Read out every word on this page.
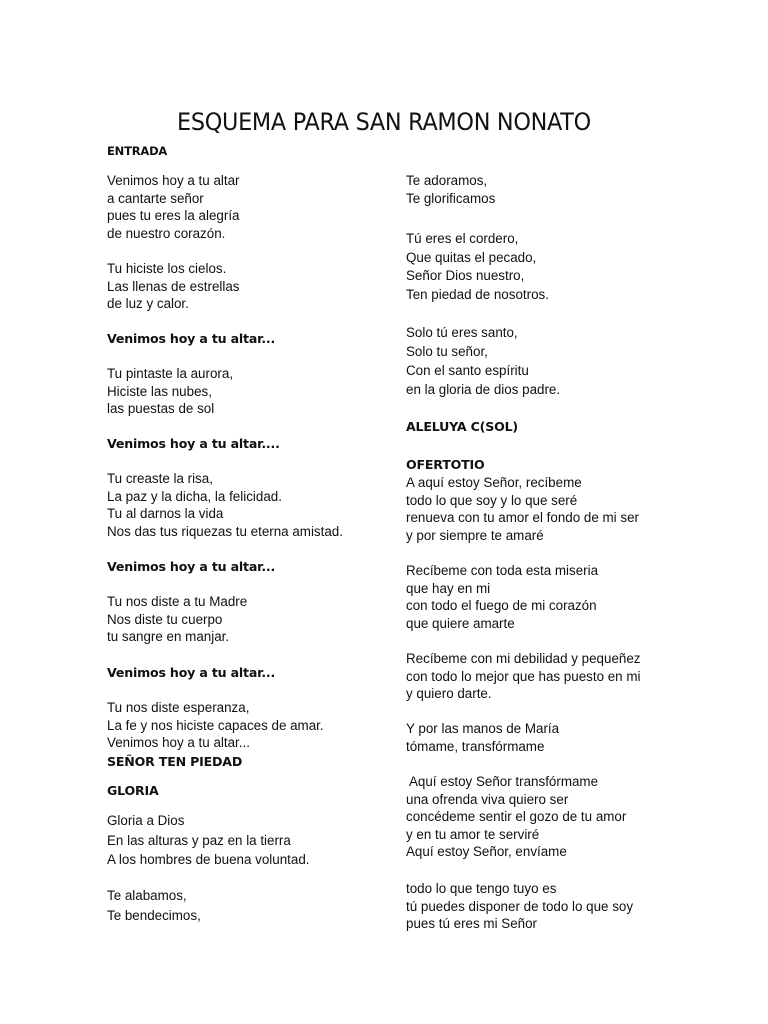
ESQUEMA PARA SAN RAMON NONATO
ENTRADA
Venimos hoy a tu altar
a cantarte señor
pues tu eres la alegría
de nuestro corazón.
Tu hiciste los cielos.
Las llenas de estrellas
de luz y calor.
Venimos hoy a tu altar...
Tu pintaste la aurora,
Hiciste las nubes,
las puestas de sol
Venimos hoy a tu altar....
Tu creaste la risa,
La paz y la dicha, la felicidad.
Tu al darnos la vida
Nos das tus riquezas tu eterna amistad.
Venimos hoy a tu altar...
Tu nos diste a tu Madre
Nos diste tu cuerpo
tu sangre en manjar.
Venimos hoy a tu altar...
Tu nos diste esperanza,
La fe y nos hiciste capaces de amar.
Venimos hoy a tu altar...
SEÑOR TEN PIEDAD
GLORIA
Gloria a Dios
En las alturas y paz en la tierra
A los hombres de buena voluntad.
Te alabamos,
Te bendecimos,
Te adoramos,
Te glorificamos
Tú eres el cordero,
Que quitas el pecado,
Señor Dios nuestro,
Ten piedad de nosotros.
Solo tú eres santo,
Solo tu señor,
Con el santo espíritu
en la gloria de dios padre.
ALELUYA C(SOL)
OFERTOTIO
A aquí estoy Señor, recíbeme
todo lo que soy y lo que seré
renueva con tu amor el fondo de mi ser
y por siempre te amaré
Recíbeme con toda esta miseria
que hay en mi
con todo el fuego de mi corazón
que quiere amarte
Recíbeme con mi debilidad y pequeñez
con todo lo mejor que has puesto en mi
y quiero darte.
Y por las manos de María
tómame, transfórmame
Aquí estoy Señor transfórmame
una ofrenda viva quiero ser
concédeme sentir el gozo de tu amor
y en tu amor te serviré
Aquí estoy Señor, envíame
todo lo que tengo tuyo es
tú puedes disponer de todo lo que soy
pues tú eres mi Señor
